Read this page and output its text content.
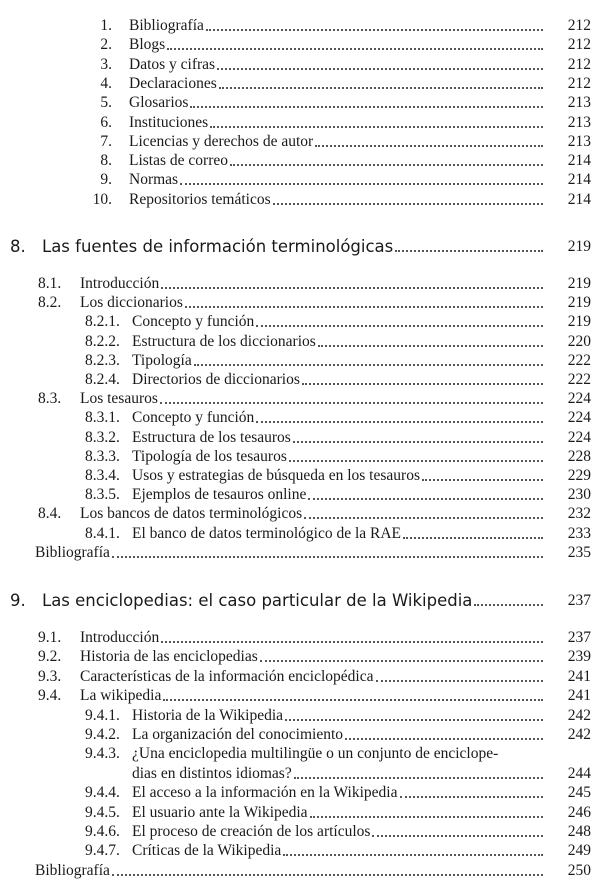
1. Bibliografía	212
2. Blogs	212
3. Datos y cifras	212
4. Declaraciones	212
5. Glosarios	213
6. Instituciones	213
7. Licencias y derechos de autor	213
8. Listas de correo	214
9. Normas	214
10. Repositorios temáticos	214
8. Las fuentes de información terminológicas	219
8.1. Introducción	219
8.2. Los diccionarios	219
8.2.1. Concepto y función	219
8.2.2. Estructura de los diccionarios	220
8.2.3. Tipología	222
8.2.4. Directorios de diccionarios	222
8.3. Los tesauros	224
8.3.1. Concepto y función	224
8.3.2. Estructura de los tesauros	224
8.3.3. Tipología de los tesauros	228
8.3.4. Usos y estrategias de búsqueda en los tesauros	229
8.3.5. Ejemplos de tesauros online	230
8.4. Los bancos de datos terminológicos	232
8.4.1. El banco de datos terminológico de la RAE	233
Bibliografía	235
9. Las enciclopedias: el caso particular de la Wikipedia	237
9.1. Introducción	237
9.2. Historia de las enciclopedias	239
9.3. Características de la información enciclopédica	241
9.4. La wikipedia	241
9.4.1. Historia de la Wikipedia	242
9.4.2. La organización del conocimiento	242
9.4.3. ¿Una enciclopedia multilingüe o un conjunto de enciclope-
dias en distintos idiomas?	244
9.4.4. El acceso a la información en la Wikipedia	245
9.4.5. El usuario ante la Wikipedia	246
9.4.6. El proceso de creación de los artículos	248
9.4.7. Críticas de la Wikipedia	249
Bibliografía	250
